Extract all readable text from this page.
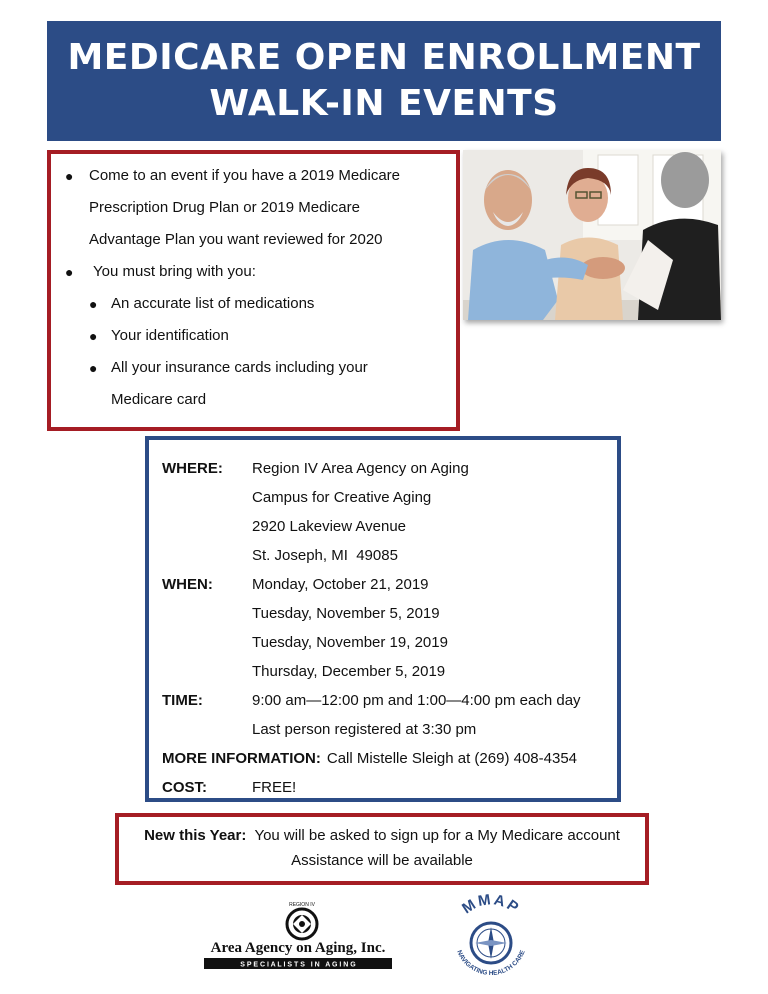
MEDICARE OPEN ENROLLMENT
WALK-IN EVENTS
● Come to an event if you have a 2019 Medicare
Prescription Drug Plan or 2019 Medicare
Advantage Plan you want reviewed for 2020
● You must bring with you:
● An accurate list of medications
● Your identification
● All your insurance cards including your
Medicare card
WHERE:	Region IV Area Agency on Aging
Campus for Creative Aging
2920 Lakeview Avenue
St. Joseph, MI  49085
WHEN:	Monday, October 21, 2019
Tuesday, November 5, 2019
Tuesday, November 19, 2019
Thursday, December 5, 2019
TIME:	9:00 am—12:00 pm and 1:00—4:00 pm each day
Last person registered at 3:30 pm
MORE INFORMATION: Call Mistelle Sleigh at (269) 408-4354
COST:	FREE!
New this Year: You will be asked to sign up for a My Medicare account
Assistance will be available
REGION IV
Area Agency on Aging, Inc.
S P E C I A L I S T S   I N   A G I N G
MMAP
NAVIGATING HEALTH CARE
